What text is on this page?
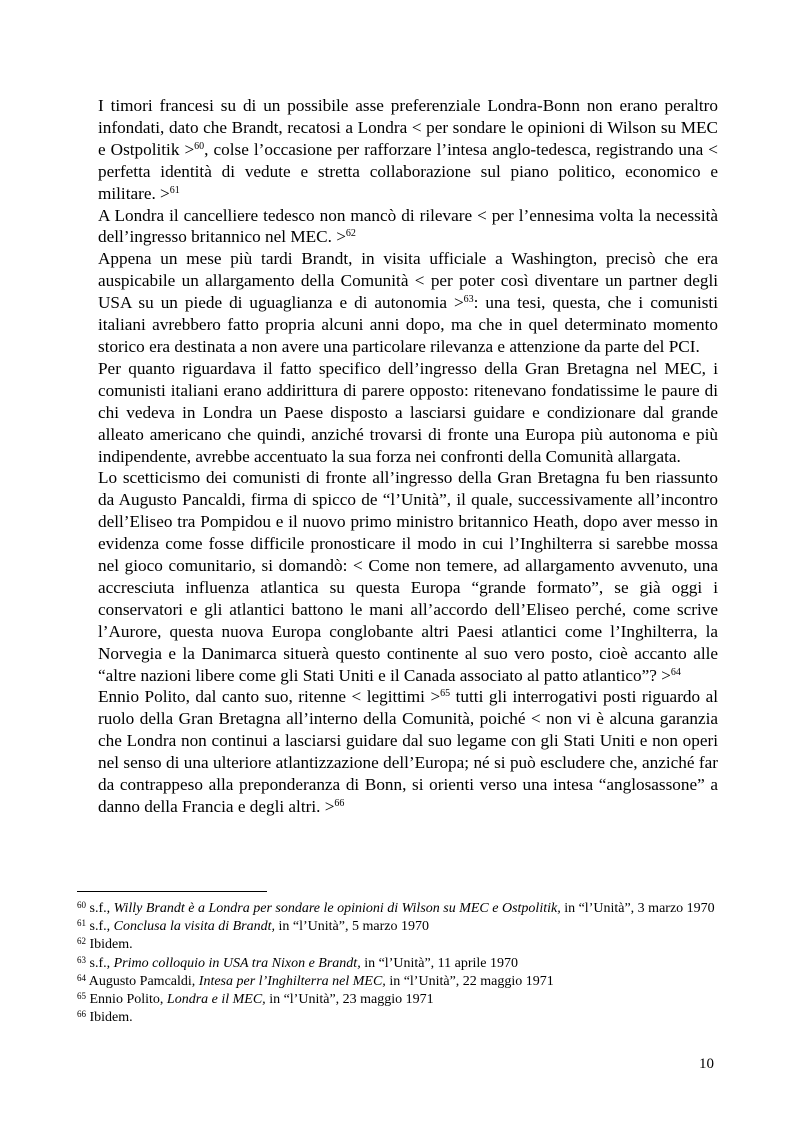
I timori francesi su di un possibile asse preferenziale Londra-Bonn non erano peraltro infondati, dato che Brandt, recatosi a Londra < per sondare le opinioni di Wilson su MEC e Ostpolitik >$^{60}$, colse l’occasione per rafforzare l’intesa anglo-tedesca, registrando una < perfetta identità di vedute e stretta collaborazione sul piano politico, economico e militare. >$^{61}$

A Londra il cancelliere tedesco non mancò di rilevare < per l’ennesima volta la necessità dell’ingresso britannico nel MEC. >$^{62}$

Appena un mese più tardi Brandt, in visita ufficiale a Washington, precisò che era auspicabile un allargamento della Comunità < per poter così diventare un partner degli USA su un piede di uguaglianza e di autonomia >$^{63}$: una tesi, questa, che i comunisti italiani avrebbero fatto propria alcuni anni dopo, ma che in quel determinato momento storico era destinata a non avere una particolare rilevanza e attenzione da parte del PCI.

Per quanto riguardava il fatto specifico dell’ingresso della Gran Bretagna nel MEC, i comunisti italiani erano addirittura di parere opposto: ritenevano fondatissime le paure di chi vedeva in Londra un Paese disposto a lasciarsi guidare e condizionare dal grande alleato americano che quindi, anziché trovarsi di fronte una Europa più autonoma e più indipendente, avrebbe accentuato la sua forza nei confronti della Comunità allargata.

Lo scetticismo dei comunisti di fronte all’ingresso della Gran Bretagna fu ben riassunto da Augusto Pancaldi, firma di spicco de “l’Unità”, il quale, successivamente all’incontro dell’Eliseo tra Pompidou e il nuovo primo ministro britannico Heath, dopo aver messo in evidenza come fosse difficile pronosticare il modo in cui l’Inghilterra si sarebbe mossa nel gioco comunitario, si domandò: < Come non temere, ad allargamento avvenuto, una accresciuta influenza atlantica su questa Europa “grande formato”, se già oggi i conservatori e gli atlantici battono le mani all’accordo dell’Eliseo perché, come scrive l’Aurore, questa nuova Europa conglobante altri Paesi atlantici come l’Inghilterra, la Norvegia e la Danimarca situerà questo continente al suo vero posto, cioè accanto alle “altre nazioni libere come gli Stati Uniti e il Canada associato al patto atlantico”? >$^{64}$

Ennio Polito, dal canto suo, ritenne < legittimi >$^{65}$ tutti gli interrogativi posti riguardo al ruolo della Gran Bretagna all’interno della Comunità, poiché < non vi è alcuna garanzia che Londra non continui a lasciarsi guidare dal suo legame con gli Stati Uniti e non operi nel senso di una ulteriore atlantizzazione dell’Europa; né si può escludere che, anziché far da contrappeso alla preponderanza di Bonn, si orienti verso una intesa “anglosassone” a danno della Francia e degli altri. >$^{66}$

$^{60}$ s.f., Willy Brandt è a Londra per sondare le opinioni di Wilson su MEC e Ostpolitik, in “l’Unità”, 3 marzo 1970

$^{61}$ s.f., Conclusa la visita di Brandt, in “l’Unità”, 5 marzo 1970

$^{62}$ Ibidem.

$^{63}$ s.f., Primo colloquio in USA tra Nixon e Brandt, in “l’Unità”, 11 aprile 1970

$^{64}$ Augusto Pamcaldi, Intesa per l’Inghilterra nel MEC, in “l’Unità”, 22 maggio 1971

$^{65}$ Ennio Polito, Londra e il MEC, in “l’Unità”, 23 maggio 1971

$^{66}$ Ibidem.

10
